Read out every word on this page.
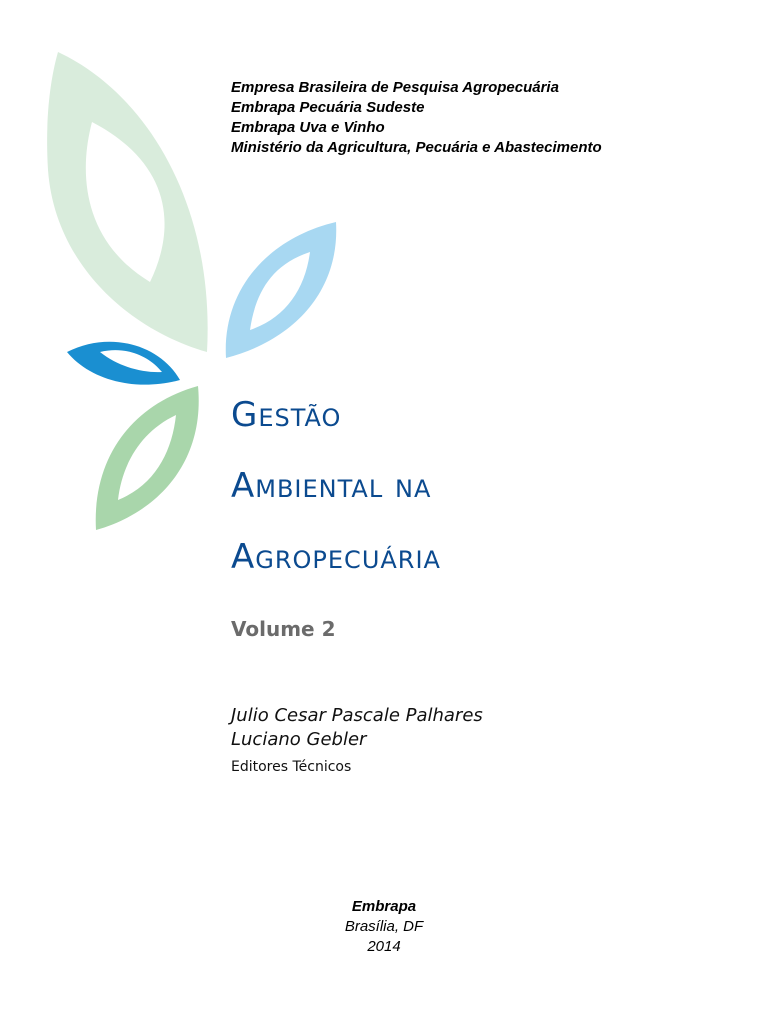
Empresa Brasileira de Pesquisa Agropecuária
Embrapa Pecuária Sudeste
Embrapa Uva e Vinho
Ministério da Agricultura, Pecuária e Abastecimento
Gestão
Ambiental na
Agropecuária
Volume 2
Julio Cesar Pascale Palhares
Luciano Gebler
Editores Técnicos
Embrapa
Brasília, DF
2014
